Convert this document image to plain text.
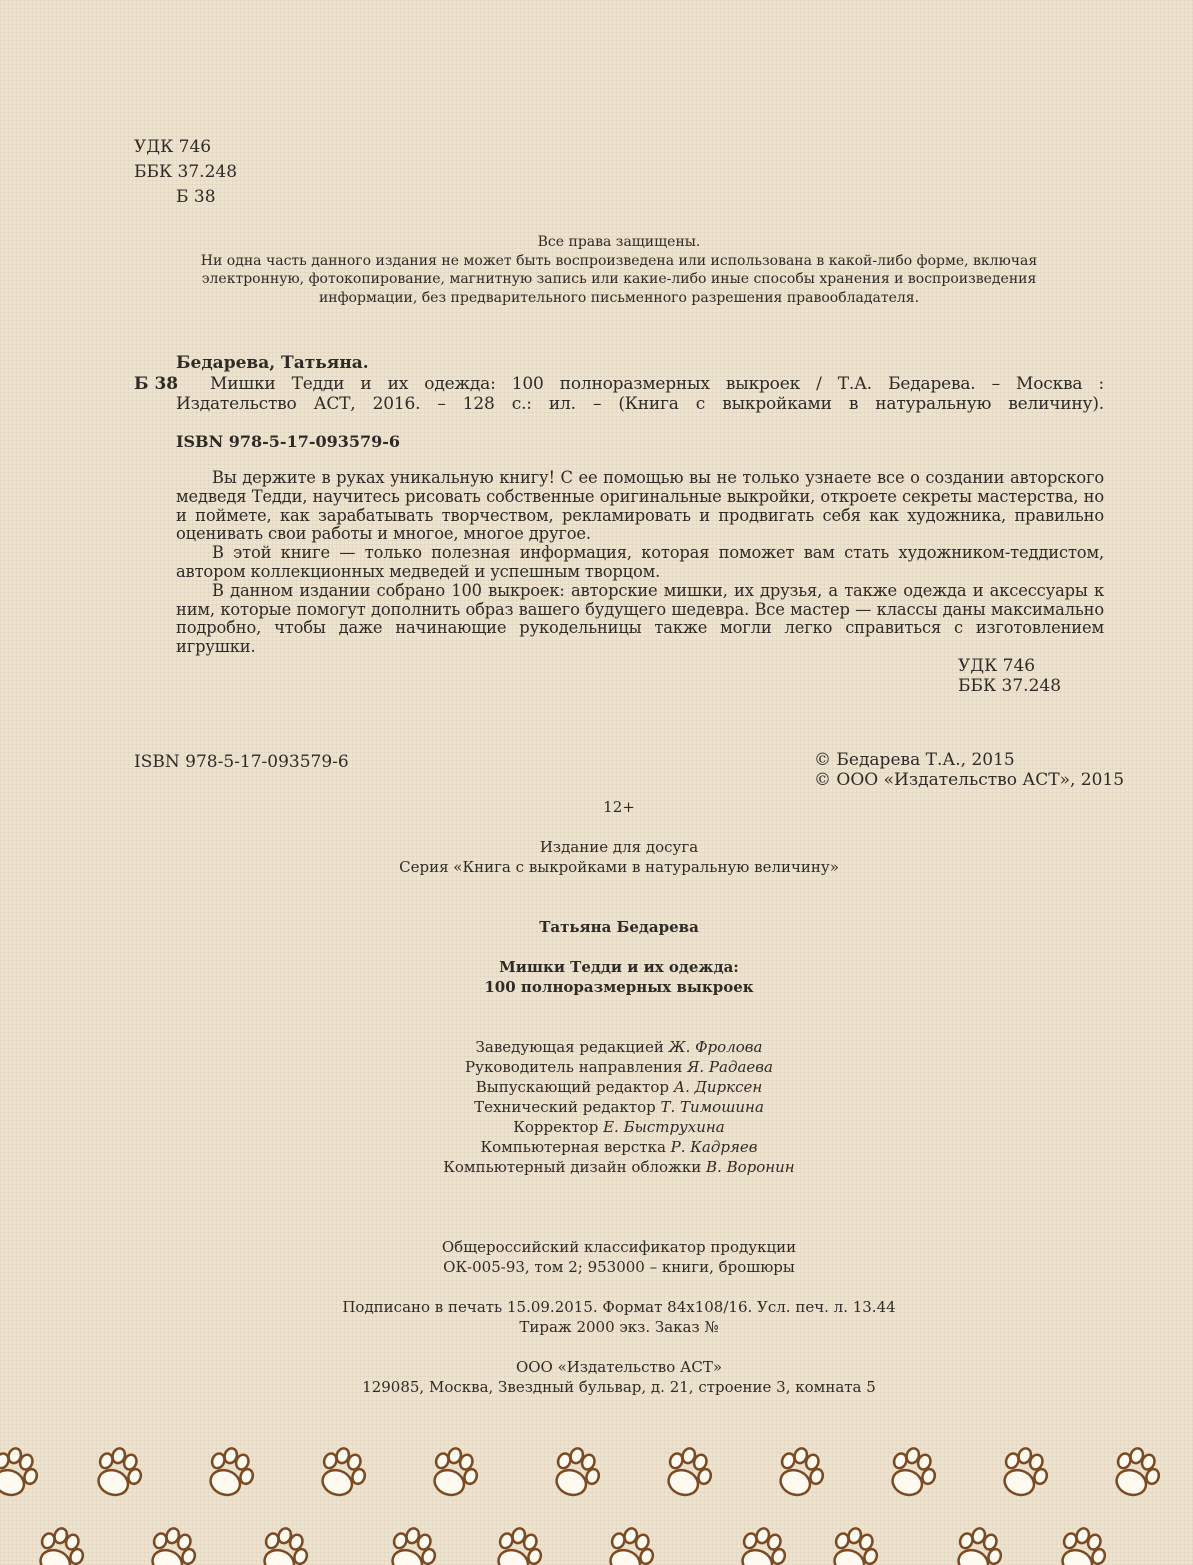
УДК 746
ББК 37.248
Б 38
Все права защищены.
Ни одна часть данного издания не может быть воспроизведена или использована в какой-либо форме, включая
электронную, фотокопирование, магнитную запись или какие-либо иные способы хранения и воспроизведения
информации, без предварительного письменного разрешения правообладателя.
Бедарева, Татьяна.
Б 38	Мишки Тедди и их одежда: 100 полноразмерных выкроек / Т.А. Бедарева. – Москва :
Издательство АСТ, 2016. – 128 с.: ил. – (Книга с выкройками в натуральную величину).
ISBN 978-5-17-093579-6
Вы держите в руках уникальную книгу! С ее помощью вы не только узнаете все о создании авторского медведя Тедди, научитесь рисовать собственные оригинальные выкройки, откроете секреты мастерства, но и поймете, как зарабатывать творчеством, рекламировать и продвигать себя как художника, правильно оценивать свои работы и многое, многое другое.
В этой книге — только полезная информация, которая поможет вам стать художником-теддистом, автором коллекционных медведей и успешным творцом.
В данном издании собрано 100 выкроек: авторские мишки, их друзья, а также одежда и аксессуары к ним, которые помогут дополнить образ вашего будущего шедевра. Все мастер — классы даны максимально подробно, чтобы даже начинающие рукодельницы также могли легко справиться с изготовлением игрушки.
УДК 746
ББК 37.248
ISBN 978-5-17-093579-6	© Бедарева Т.А., 2015
© ООО «Издательство АСТ», 2015
12+
Издание для досуга
Серия «Книга с выкройками в натуральную величину»
Татьяна Бедарева
Мишки Тедди и их одежда:
100 полноразмерных выкроек
Заведующая редакцией Ж. Фролова
Руководитель направления Я. Радаева
Выпускающий редактор А. Дирксен
Технический редактор Т. Тимошина
Корректор Е. Быструхина
Компьютерная верстка Р. Кадряев
Компьютерный дизайн обложки В. Воронин
Общероссийский классификатор продукции
ОК-005-93, том 2; 953000 – книги, брошюры
Подписано в печать 15.09.2015. Формат 84х108/16. Усл. печ. л. 13.44
Тираж 2000 экз. Заказ №
ООО «Издательство АСТ»
129085, Москва, Звездный бульвар, д. 21, строение 3, комната 5
